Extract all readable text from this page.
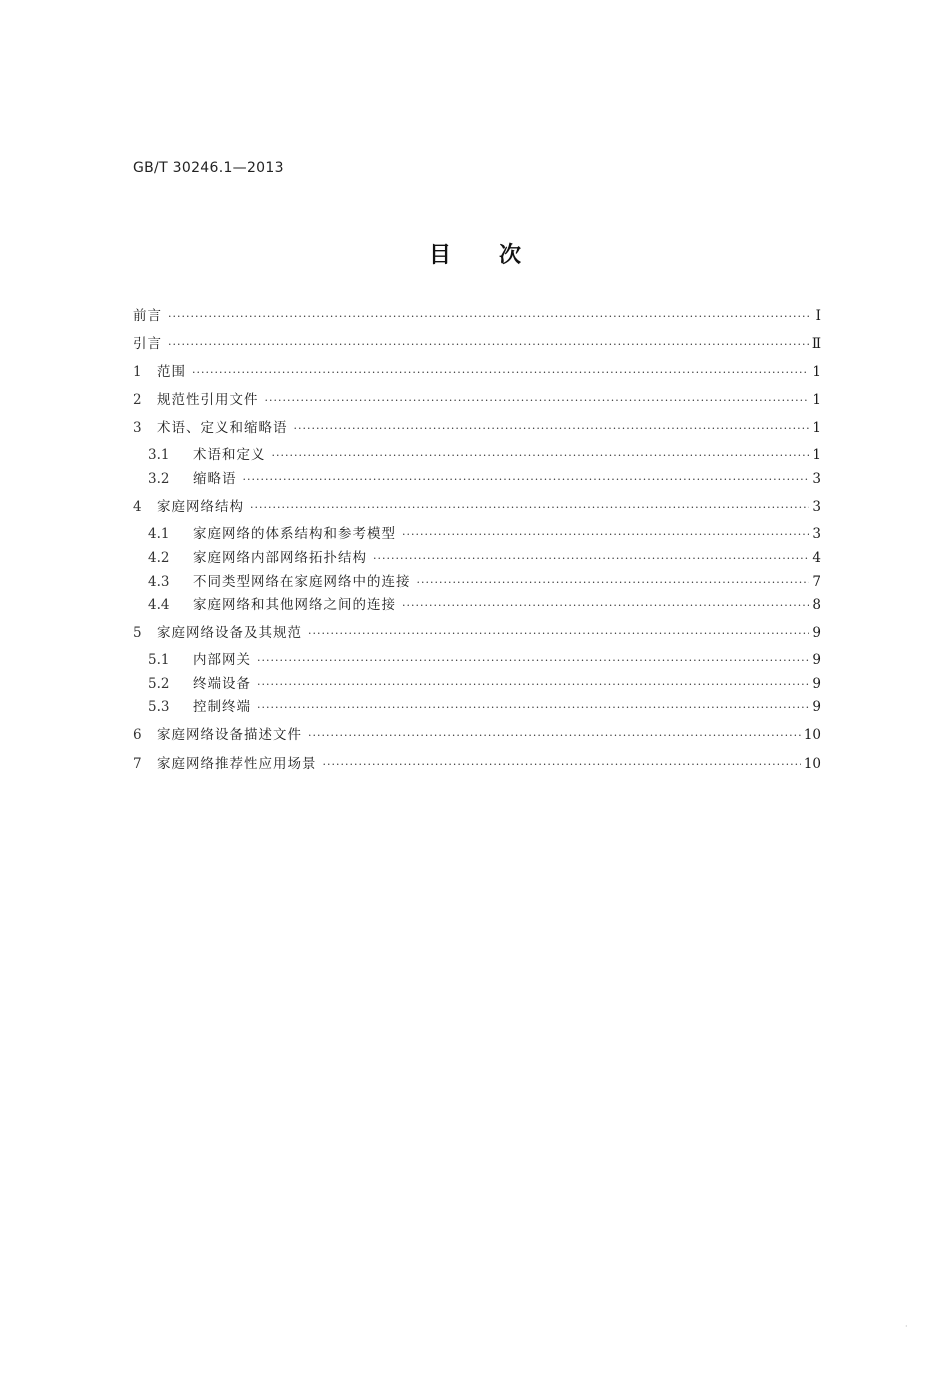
GB/T 30246.1—2013
目次
前言 ·····	Ⅰ
引言 ·····	Ⅱ
1	范围 ·····	1
2	规范性引用文件 ·····	1
3	术语、定义和缩略语 ·····	1
3.1	术语和定义 ·····	1
3.2	缩略语 ·····	3
4	家庭网络结构 ·····	3
4.1	家庭网络的体系结构和参考模型 ·····	3
4.2	家庭网络内部网络拓扑结构 ·····	4
4.3	不同类型网络在家庭网络中的连接 ·····	7
4.4	家庭网络和其他网络之间的连接 ·····	8
5	家庭网络设备及其规范 ·····	9
5.1	内部网关 ·····	9
5.2	终端设备 ·····	9
5.3	控制终端 ·····	9
6	家庭网络设备描述文件 ·····	10
7	家庭网络推荐性应用场景 ·····	10
·
